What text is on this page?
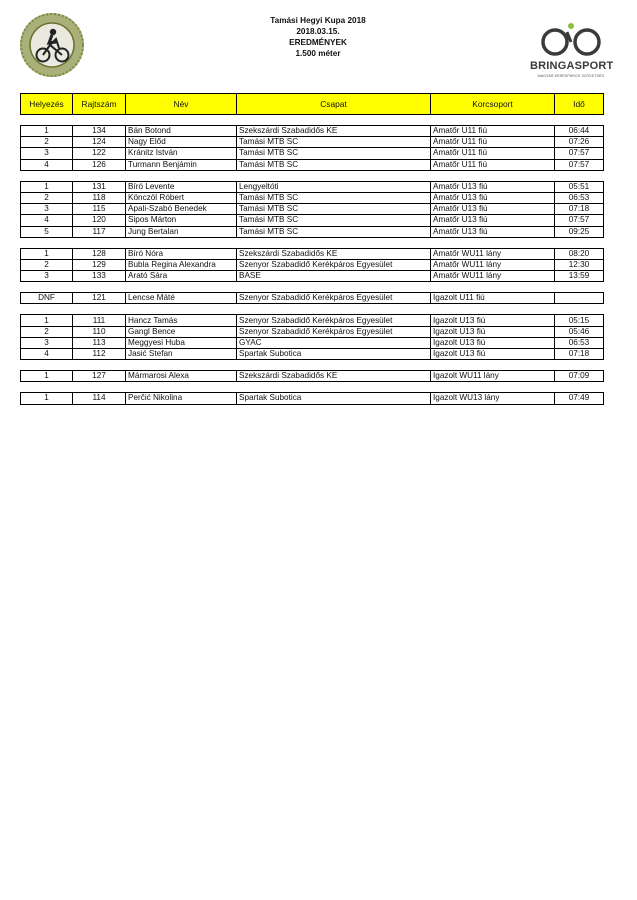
Tamási Hegyi Kupa 2018
2018.03.15.
EREDMÉNYEK
1.500 méter
BRINGASPORT
MAGYAR KERÉKPÁROS SZÖVETSÉG
Helyezés	Rajtszám	Név	Csapat	Korcsoport	Idő

1	134	Bán Botond	Szekszárdi Szabadidős KE	Amatőr U11 fiú	06:44
2	124	Nagy Előd	Tamási MTB SC	Amatőr U11 fiú	07:26
3	122	Kránitz István	Tamási MTB SC	Amatőr U11 fiú	07:57
4	126	Turmann Benjámin	Tamási MTB SC	Amatőr U11 fiú	07:57

1	131	Bíró Levente	Lengyeltóti	Amatőr U13 fiú	05:51
2	118	Könczöl Róbert	Tamási MTB SC	Amatőr U13 fiú	06:53
3	115	Apali-Szabó Benedek	Tamási MTB SC	Amatőr U13 fiú	07:18
4	120	Sipos Márton	Tamási MTB SC	Amatőr U13 fiú	07:57
5	117	Jung Bertalan	Tamási MTB SC	Amatőr U13 fiú	09:25

1	128	Bíró Nóra	Szekszárdi Szabadidős KE	Amatőr WU11 lány	08:20
2	129	Bubla Regina Alexandra	Szenyor Szabadidő Kerékpáros Egyesület	Amatőr WU11 lány	12:30
3	133	Arató Sára	BASE	Amatőr WU11 lány	13:59

DNF	121	Lencse Máté	Szenyor Szabadidő Kerékpáros Egyesület	Igazolt U11 fiú	

1	111	Hancz Tamás	Szenyor Szabadidő Kerékpáros Egyesület	Igazolt U13 fiú	05:15
2	110	Gangl Bence	Szenyor Szabadidő Kerékpáros Egyesület	Igazolt U13 fiú	05:46
3	113	Meggyesi Huba	GYAC	Igazolt U13 fiú	06:53
4	112	Jasić Stefan	Spartak Subotica	Igazolt U13 fiú	07:18

1	127	Mármarosi Alexa	Szekszárdi Szabadidős KE	Igazolt WU11 lány	07:09

1	114	Perčić Nikolina	Spartak Subotica	Igazolt WU13 lány	07:49
